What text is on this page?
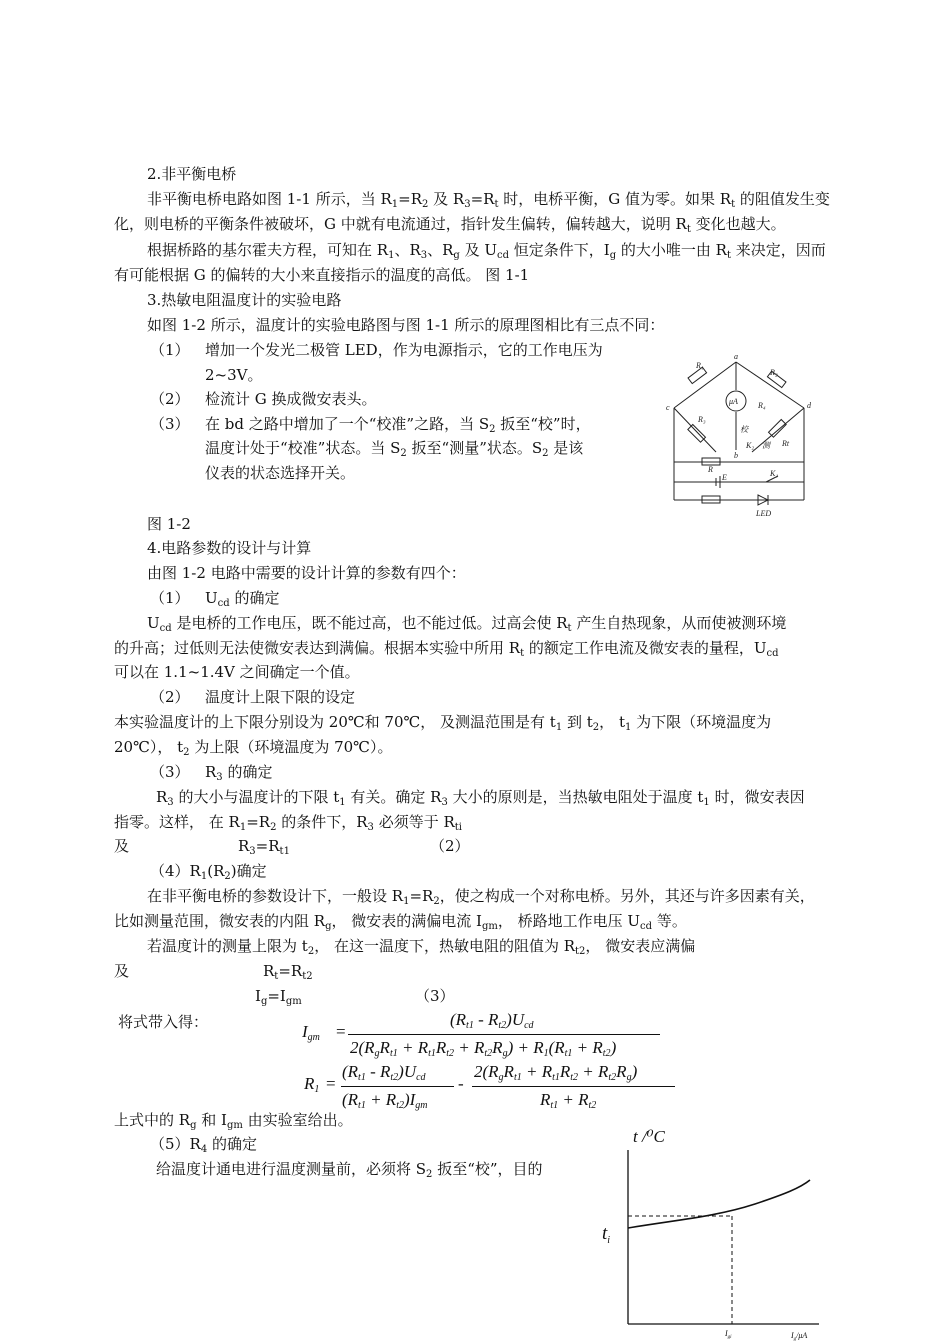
2.非平衡电桥
非平衡电桥电路如图 1-1 所示，当 $R_1=R_2$ 及 $R_3=R_t$ 时，电桥平衡，G 值为零。如果 $R_t$ 的阻值发生变
化，则电桥的平衡条件被破坏，G 中就有电流通过，指针发生偏转，偏转越大，说明 $R_t$ 变化也越大。
根据桥路的基尔霍夫方程，可知在 $R_1$、$R_3$、$R_g$ 及 $U_{cd}$ 恒定条件下，$I_g$ 的大小唯一由 $R_t$ 来决定，因而
有可能根据 G 的偏转的大小来直接指示的温度的高低。 图 1-1
3.热敏电阻温度计的实验电路
如图 1-2 所示，温度计的实验电路图与图 1-1 所示的原理图相比有三点不同：
（1） 增加一个发光二极管 LED，作为电源指示，它的工作电压为
2~3V。
（2） 检流计 G 换成微安表头。
（3） 在 bd 之路中增加了一个“校准”之路，当 $S_2$ 扳至“校”时，
温度计处于“校准”状态。当 $S_2$ 扳至“测量”状态。$S_2$ 是该
仪表的状态选择开关。
R₁
R₂
R₃
R₄
Rt
a
b
c	d
μA
校
测
K₂
K₁
R
E
LED
图 1-2
4.电路参数的设计与计算
由图 1-2 电路中需要的设计计算的参数有四个：
（1） $U_{cd}$ 的确定
$U_{cd}$ 是电桥的工作电压，既不能过高，也不能过低。过高会使 $R_t$ 产生自热现象，从而使被测环境
的升高；过低则无法使微安表达到满偏。根据本实验中所用 $R_t$ 的额定工作电流及微安表的量程，$U_{cd}$
可以在 1.1~1.4V 之间确定一个值。
（2） 温度计上限下限的设定
本实验温度计的上下限分别设为 20℃和 70℃， 及测温范围是有 $t_1$ 到 $t_2$， $t_1$ 为下限（环境温度为
20℃）， $t_2$ 为上限（环境温度为 70℃）。
（3） $R_3$ 的确定
$R_3$ 的大小与温度计的下限 $t_1$ 有关。确定 $R_3$ 大小的原则是，当热敏电阻处于温度 $t_1$ 时，微安表因
指零。这样， 在 $R_1=R_2$ 的条件下，$R_3$ 必须等于 $R_{ti}$
及	$R_3=R_{t1}$	（2）
$(4)R_1(R_2)$确定
在非平衡电桥的参数设计下，一般设 $R_1=R_2$，使之构成一个对称电桥。另外，其还与许多因素有关，
比如测量范围，微安表的内阻 $R_g$， 微安表的满偏电流 $I_{gm}$， 桥路地工作电压 $U_{cd}$ 等。
若温度计的测量上限为 $t_2$， 在这一温度下，热敏电阻的阻值为 $R_{t2}$， 微安表应满偏
及	$R_t=R_{t2}$
$I_g=I_{gm}$	（3）
将式带入得：	$I_{gm}$ =
$(R_{t1} - R_{t2})U_{cd}$
$2(R_gR_{t1} + R_{t1}R_{t2} + R_{t2}R_g) + R_1(R_{t1} + R_{t2})$
$R_1$ =
$(R_{t1} - R_{t2})U_{cd}$
$(R_{t1} + R_{t2})I_{gm}$
-
$2(R_gR_{t1} + R_{t1}R_{t2} + R_{t2}R_g)$
$R_{t1} + R_{t2}$
上式中的 $R_g$ 和 $I_{gm}$ 由实验室给出。
$(5)R_4$ 的确定
给温度计通电进行温度测量前，必须将 $S_2$ 扳至“校”，目的
t /⁰C
$t_i$
$I_{gi}$	$I_g/\mu A$
